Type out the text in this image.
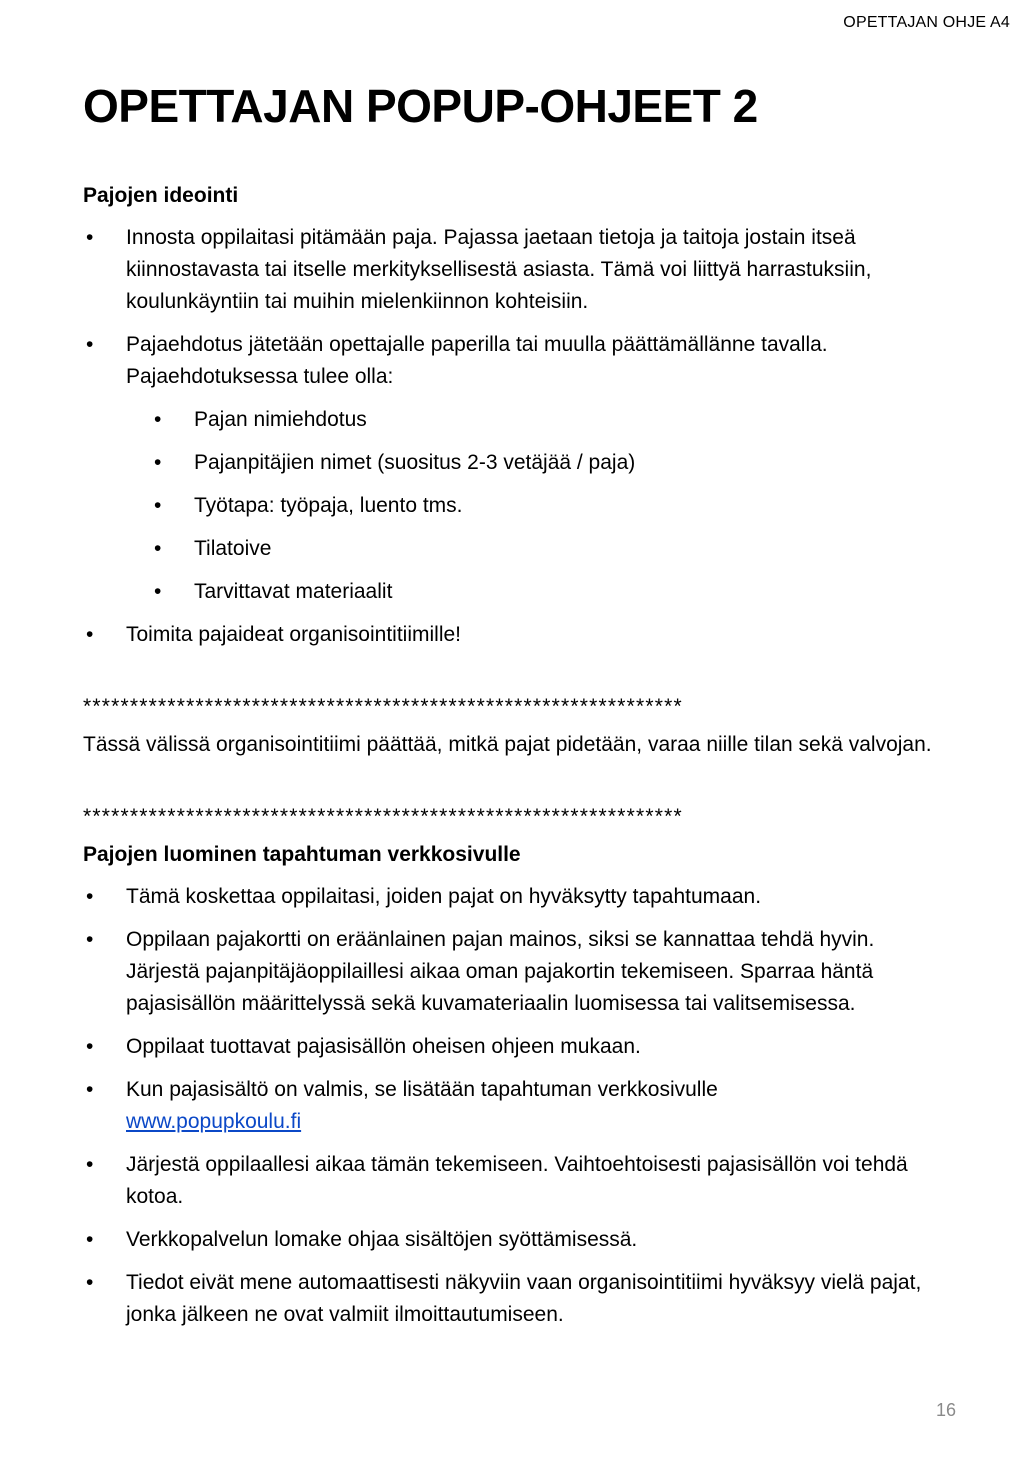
OPETTAJAN OHJE A4
OPETTAJAN POPUP-OHJEET 2
Pajojen ideointi
• Innosta oppilaitasi pitämään paja. Pajassa jaetaan tietoja ja taitoja jostain itseä kiinnostavasta tai itselle merkityksellisestä asiasta. Tämä voi liittyä harrastuksiin, koulunkäyntiin tai muihin mielenkiinnon kohteisiin.
• Pajaehdotus jätetään opettajalle paperilla tai muulla päättämällänne tavalla. Pajaehdotuksessa tulee olla:
• Pajan nimiehdotus
• Pajanpitäjien nimet (suositus 2-3 vetäjää / paja)
• Työtapa: työpaja, luento tms.
• Tilatoive
• Tarvittavat materiaalit
• Toimita pajaideat organisointitiimille!
****************************************************************
Tässä välissä organisointitiimi päättää, mitkä pajat pidetään, varaa niille tilan sekä valvojan.
****************************************************************
Pajojen luominen tapahtuman verkkosivulle
• Tämä koskettaa oppilaitasi, joiden pajat on hyväksytty tapahtumaan.
• Oppilaan pajakortti on eräänlainen pajan mainos, siksi se kannattaa tehdä hyvin. Järjestä pajanpitäjäoppilaillesi aikaa oman pajakortin tekemiseen. Sparraa häntä pajasisällön määrittelyssä sekä kuvamateriaalin luomisessa tai valitsemisessa.
• Oppilaat tuottavat pajasisällön oheisen ohjeen mukaan.
• Kun pajasisältö on valmis, se lisätään tapahtuman verkkosivulle
www.popupkoulu.fi
• Järjestä oppilaallesi aikaa tämän tekemiseen. Vaihtoehtoisesti pajasisällön voi tehdä kotoa.
• Verkkopalvelun lomake ohjaa sisältöjen syöttämisessä.
• Tiedot eivät mene automaattisesti näkyviin vaan organisointitiimi hyväksyy vielä pajat, jonka jälkeen ne ovat valmiit ilmoittautumiseen.
16
